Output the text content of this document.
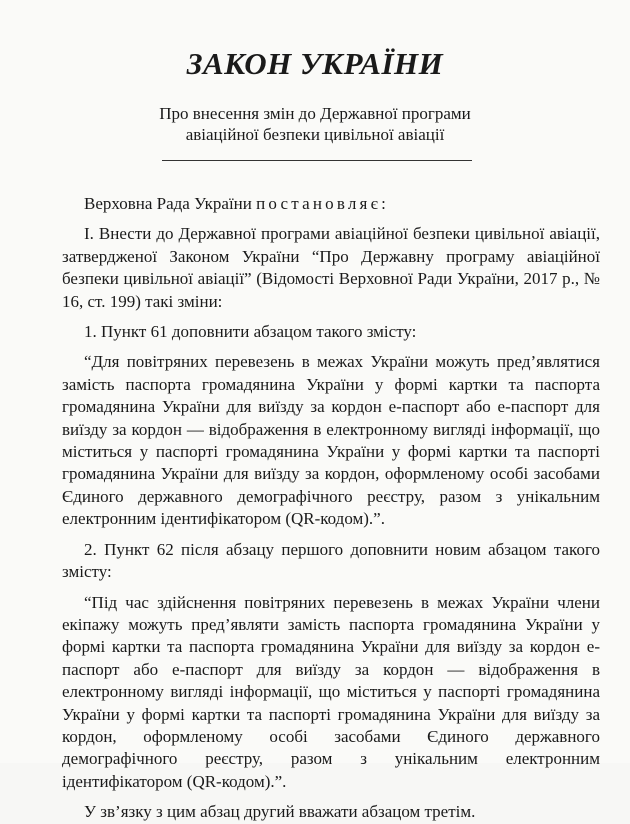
ЗАКОН УКРАЇНИ
Про внесення змін до Державної програми
авіаційної безпеки цивільної авіації

Верховна Рада України постановляє:

І. Внести до Державної програми авіаційної безпеки цивільної авіації, затвердженої Законом України “Про Державну програму авіаційної безпеки цивільної авіації” (Відомості Верховної Ради України, 2017 р., № 16, ст. 199) такі зміни:

1. Пункт 61 доповнити абзацом такого змісту:

“Для повітряних перевезень в межах України можуть пред’являтися замість паспорта громадянина України у формі картки та паспорта громадянина України для виїзду за кордон е-паспорт або е-паспорт для виїзду за кордон — відображення в електронному вигляді інформації, що міститься у паспорті громадянина України у формі картки та паспорті громадянина України для виїзду за кордон, оформленому особі засобами Єдиного державного демографічного реєстру, разом з унікальним електронним ідентифікатором (QR-кодом).”.

2. Пункт 62 після абзацу першого доповнити новим абзацом такого змісту:

“Під час здійснення повітряних перевезень в межах України члени екіпажу можуть пред’являти замість паспорта громадянина України у формі картки та паспорта громадянина України для виїзду за кордон е-паспорт або е-паспорт для виїзду за кордон — відображення в електронному вигляді інформації, що міститься у паспорті громадянина України у формі картки та паспорті громадянина України для виїзду за кордон, оформленому особі засобами Єдиного державного демографічного реєстру, разом з унікальним електронним ідентифікатором (QR-кодом).”.

У зв’язку з цим абзац другий вважати абзацом третім.
